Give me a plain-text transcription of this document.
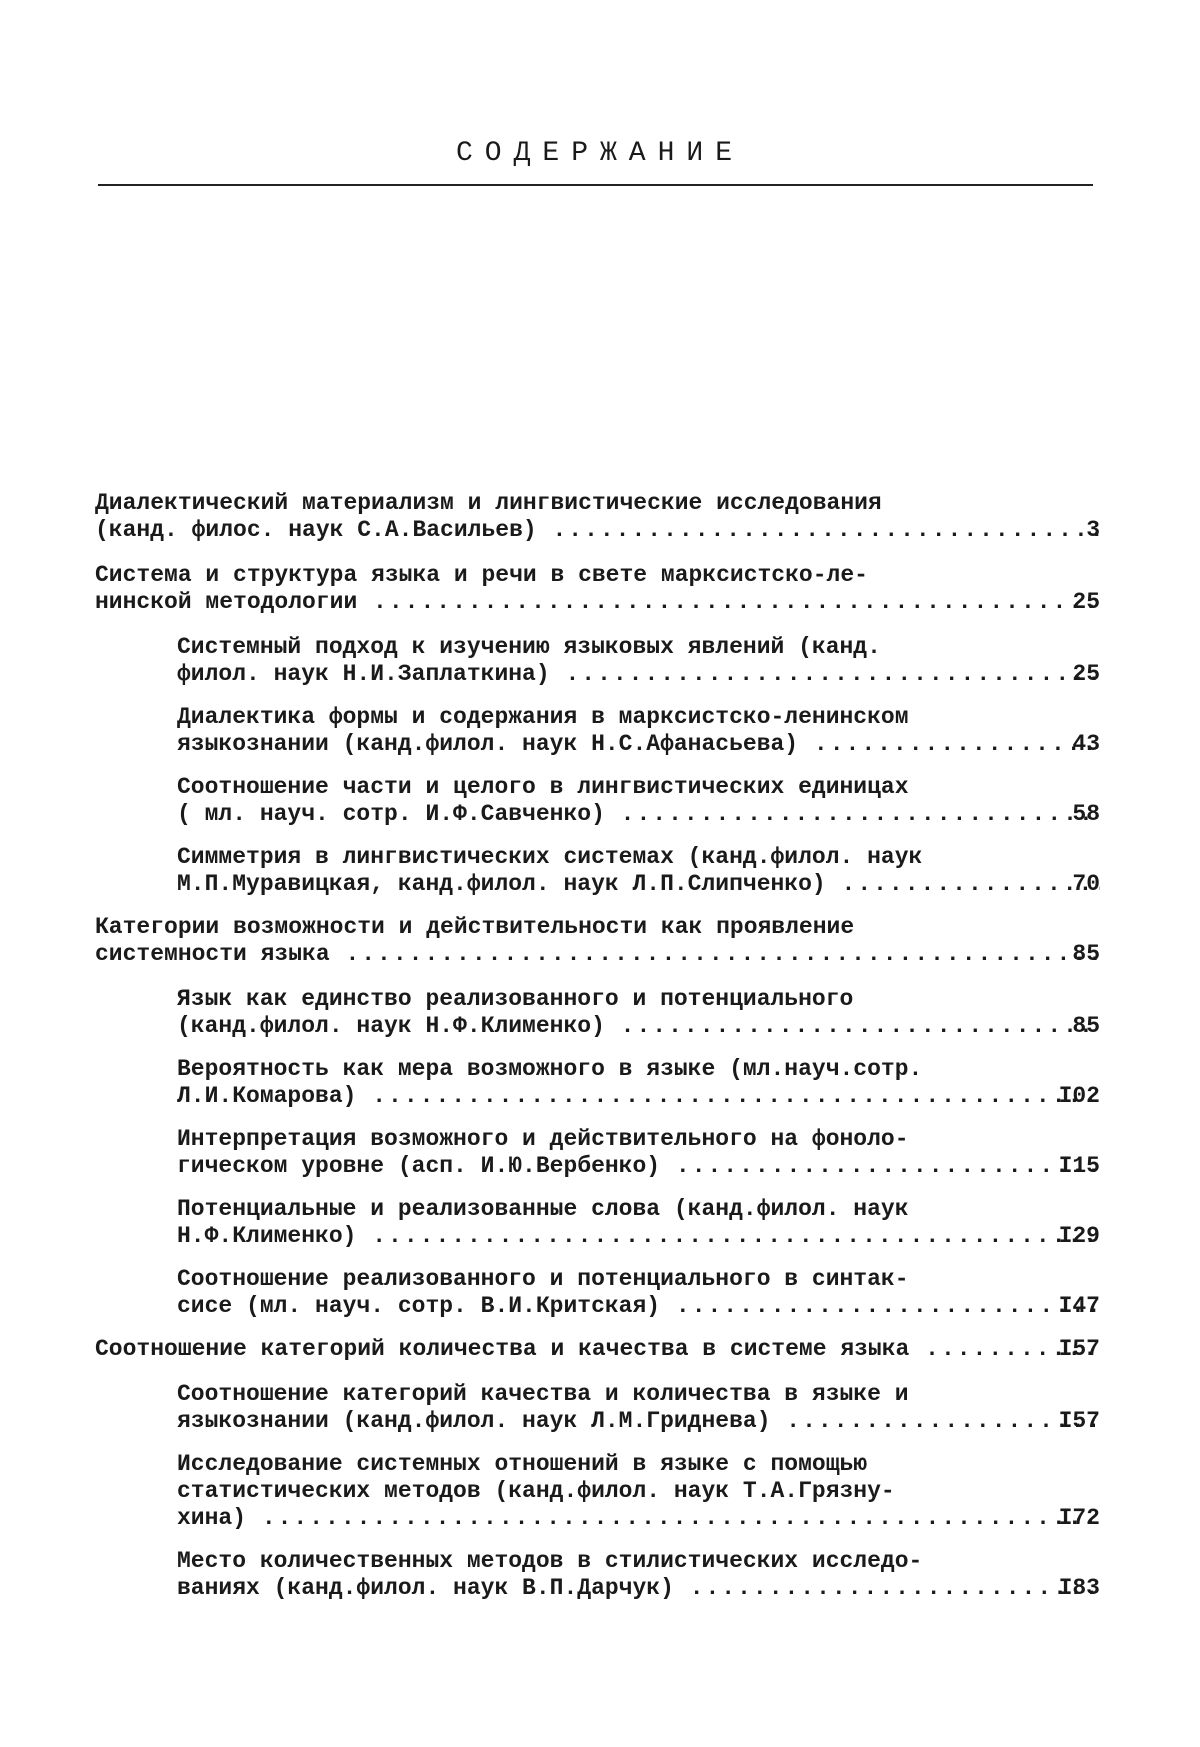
СОДЕРЖАНИЕ
Диалектический материализм и лингвистические исследования
(канд. филос. наук С.А.Васильев) .....	3
Система и структура языка и речи в свете марксистско-ле-
нинской методологии .....	25
Системный подход к изучению языковых явлений (канд.
филол. наук Н.И.Заплаткина) .....	25
Диалектика формы и содержания в марксистско-ленинском
языкознании (канд.филол. наук Н.С.Афанасьева) .....	43
Соотношение части и целого в лингвистических единицах
( мл. науч. сотр. И.Ф.Савченко) .....	58
Симметрия в лингвистических системах (канд.филол. наук
М.П.Муравицкая, канд.филол. наук Л.П.Слипченко) .....	70
Категории возможности и действительности как проявление
системности языка .....	85
Язык как единство реализованного и потенциального
(канд.филол. наук Н.Ф.Клименко) .....	85
Вероятность как мера возможного в языке (мл.науч.сотр.
Л.И.Комарова) .....	I02
Интерпретация возможного и действительного на фоноло-
гическом уровне (асп. И.Ю.Вербенко) .....	I15
Потенциальные и реализованные слова (канд.филол. наук
Н.Ф.Клименко) .....	I29
Соотношение реализованного и потенциального в синтак-
сисе (мл. науч. сотр. В.И.Критская) .....	I47
Соотношение категорий количества и качества в системе языка .....	I57
Соотношение категорий качества и количества в языке и
языкознании (канд.филол. наук Л.М.Гриднева) .....	I57
Исследование системных отношений в языке с помощью
статистических методов (канд.филол. наук Т.А.Грязну-
хина) .....	I72
Место количественных методов в стилистических исследо-
ваниях (канд.филол. наук В.П.Дарчук) .....	I83
